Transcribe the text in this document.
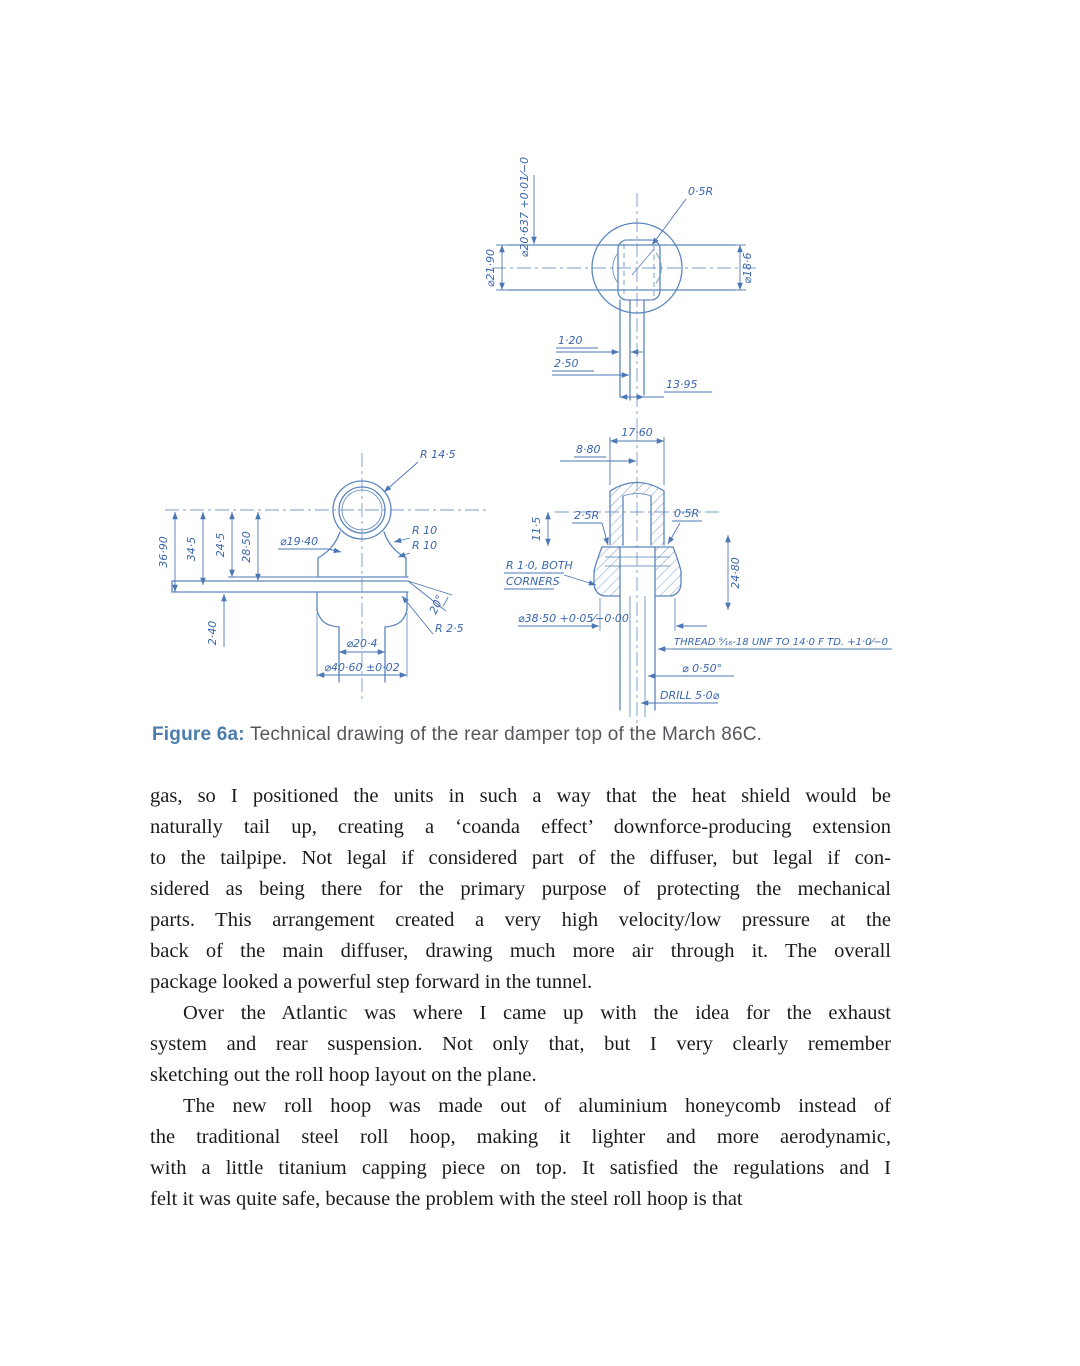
⌀21·90
⌀20·637 +0·01⁄−0	0·5R
⌀18·6
1·20
2·50
13·95
36·90 34·5 24·5 28·50
2·40
⌀19·40
R 10
R 10
R 14·5
20°
R 2·5
⌀20·4
⌀40·60 ±0·02
17·60
8·80
11·5
2·5R	0·5R
R 1·0, BOTH
CORNERS	24·80
⌀38·50 +0·05⁄−0·00
THREAD ⁹⁄₁₆-18 UNF TO 14·0 F TD. +1·0⁄−0
⌀ 0·50°
DRILL 5·0⌀
Figure 6a: Technical drawing of the rear damper top of the March 86C.
gas, so I positioned the units in such a way that the heat shield would be
naturally tail up, creating a ‘coanda effect’ downforce-producing extension
to the tailpipe. Not legal if considered part of the diffuser, but legal if con-
sidered as being there for the primary purpose of protecting the mechanical
parts. This arrangement created a very high velocity/low pressure at the
back of the main diffuser, drawing much more air through it. The overall
package looked a powerful step forward in the tunnel.
Over the Atlantic was where I came up with the idea for the exhaust
system and rear suspension. Not only that, but I very clearly remember
sketching out the roll hoop layout on the plane.
The new roll hoop was made out of aluminium honeycomb instead of
the traditional steel roll hoop, making it lighter and more aerodynamic,
with a little titanium capping piece on top. It satisfied the regulations and I
felt it was quite safe, because the problem with the steel roll hoop is that
